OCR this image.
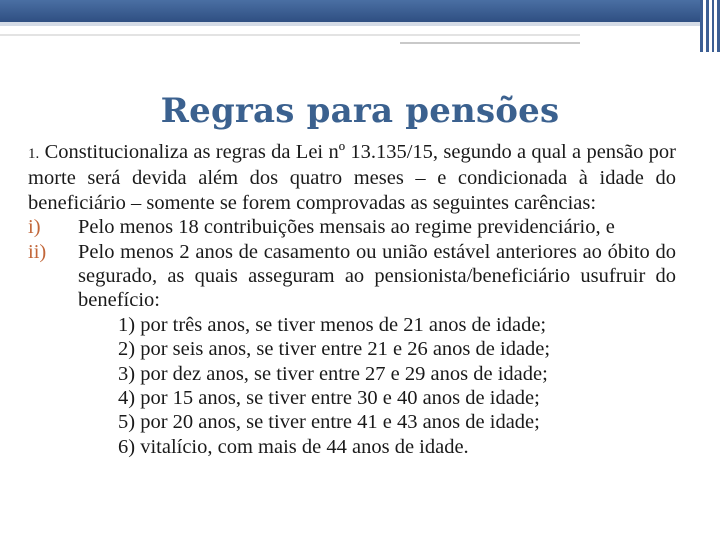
Regras para pensões
1. Constitucionaliza as regras da Lei nº 13.135/15, segundo a qual a pensão por morte será devida além dos quatro meses – e condicionada à idade do beneficiário – somente se forem comprovadas as seguintes carências:
i) Pelo menos 18 contribuições mensais ao regime previdenciário, e
ii) Pelo menos 2 anos de casamento ou união estável anteriores ao óbito do segurado, as quais asseguram ao pensionista/beneficiário usufruir do benefício:
1) por três anos, se tiver menos de 21 anos de idade;
2) por seis anos, se tiver entre 21 e 26 anos de idade;
3) por dez anos, se tiver entre 27 e 29 anos de idade;
4) por 15 anos, se tiver entre 30 e 40 anos de idade;
5) por 20 anos, se tiver entre 41 e 43 anos de idade;
6) vitalício, com mais de 44 anos de idade.
